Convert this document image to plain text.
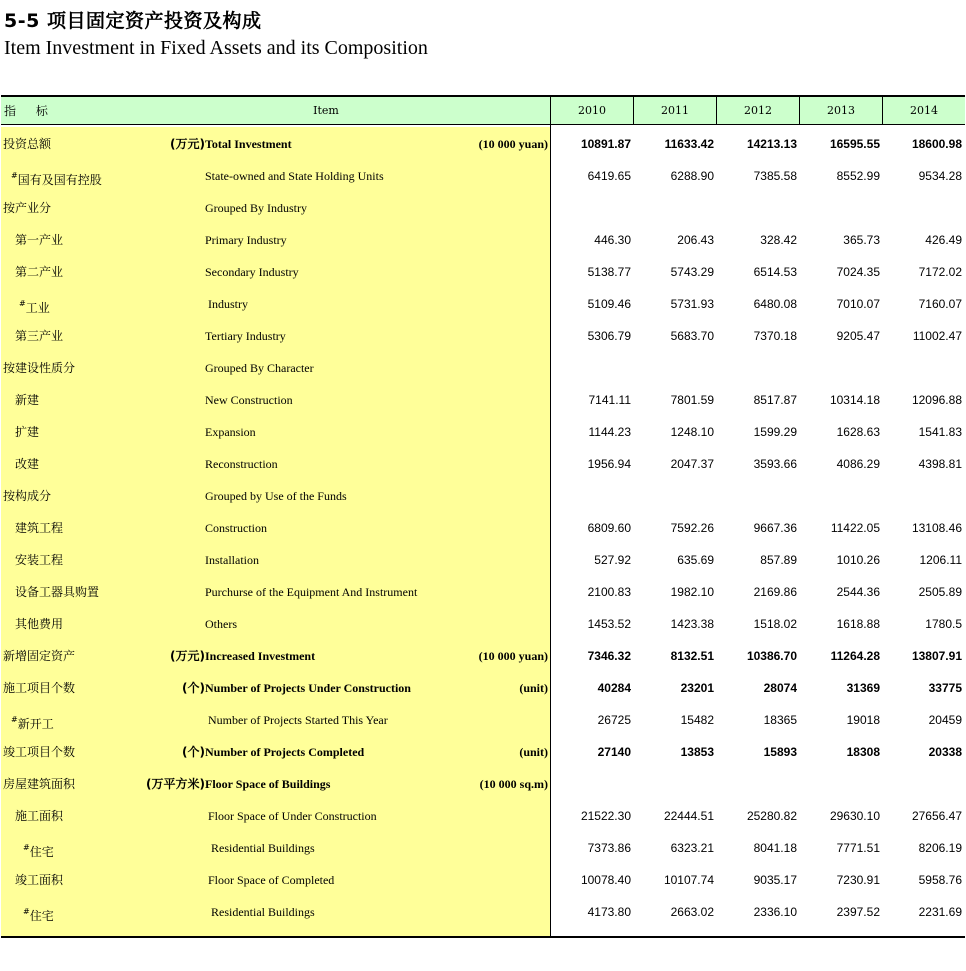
5-5 项目固定资产投资及构成
Item Investment in Fixed Assets and its Composition
指 标	Item	2010	2011	2012	2013	2014
投资总额	(万元) Total Investment	(10 000 yuan)	10891.87	11633.42	14213.13	16595.55	18600.98
#国有及国有控股	State-owned and State Holding Units	6419.65	6288.90	7385.58	8552.99	9534.28
按产业分	Grouped By Industry
第一产业	Primary Industry	446.30	206.43	328.42	365.73	426.49
第二产业	Secondary Industry	5138.77	5743.29	6514.53	7024.35	7172.02
#工业	Industry	5109.46	5731.93	6480.08	7010.07	7160.07
第三产业	Tertiary Industry	5306.79	5683.70	7370.18	9205.47	11002.47
按建设性质分	Grouped By Character
新建	New Construction	7141.11	7801.59	8517.87	10314.18	12096.88
扩建	Expansion	1144.23	1248.10	1599.29	1628.63	1541.83
改建	Reconstruction	1956.94	2047.37	3593.66	4086.29	4398.81
按构成分	Grouped by Use of the Funds
建筑工程	Construction	6809.60	7592.26	9667.36	11422.05	13108.46
安装工程	Installation	527.92	635.69	857.89	1010.26	1206.11
设备工器具购置	Purchurse of the Equipment And Instrument	2100.83	1982.10	2169.86	2544.36	2505.89
其他费用	Others	1453.52	1423.38	1518.02	1618.88	1780.5
新增固定资产	(万元) Increased Investment	(10 000 yuan)	7346.32	8132.51	10386.70	11264.28	13807.91
施工项目个数	(个) Number of Projects Under Construction	(unit)	40284	23201	28074	31369	33775
#新开工	Number of Projects Started This Year	26725	15482	18365	19018	20459
竣工项目个数	(个) Number of Projects Completed	(unit)	27140	13853	15893	18308	20338
房屋建筑面积	(万平方米) Floor Space of Buildings	(10 000 sq.m)
施工面积	Floor Space of Under Construction	21522.30	22444.51	25280.82	29630.10	27656.47
#住宅	Residential Buildings	7373.86	6323.21	8041.18	7771.51	8206.19
竣工面积	Floor Space of Completed	10078.40	10107.74	9035.17	7230.91	5958.76
#住宅	Residential Buildings	4173.80	2663.02	2336.10	2397.52	2231.69
